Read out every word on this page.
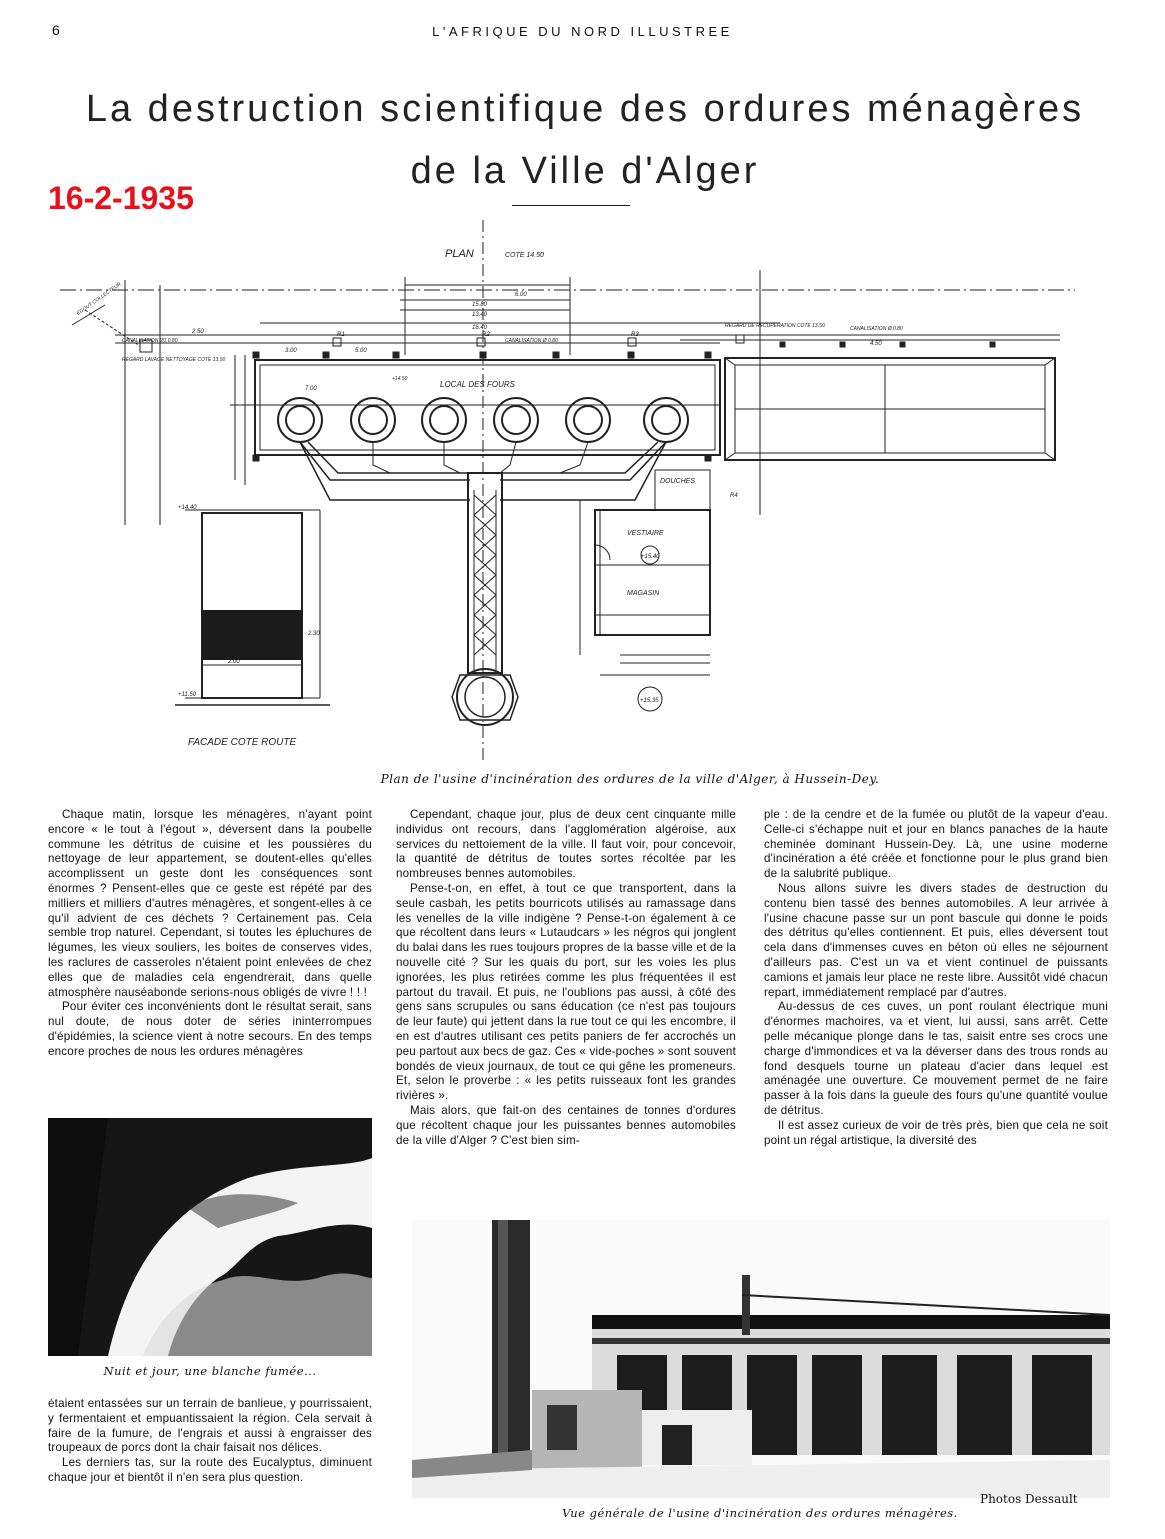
6	L'AFRIQUE DU NORD ILLUSTREE
La destruction scientifique des ordures ménagères
de la Ville d'Alger
16-2-1935
PLAN	COTE 14.50
LOCAL DES FOURS
VESTIAIRE
MAGASIN
DOUCHES
FACADE COTE ROUTE
CANALISATION Ø1 0.80	CANALISATION Ø 0.80
CANALISATION Ø 0.80
REGARD DE RECUPERATION COTE 13.50
REGARD LAVAGE NETTOYAGE COTE 13.50
EGOUT COLLECTEUR
3.00	5.00
7.00
6.00
13.40
15.80
16.40
4.50
2.50	R1	R2	R3
R4
+14.40
+11.50
+15.40
+15.35
+14.50
2.00
2.30
Plan de l'usine d'incinération des ordures de la ville d'Alger, à Hussein-Dey.

Chaque matin, lorsque les ménagères, n'ayant point encore « le tout à l'égout », déversent dans la poubelle commune les détritus de cuisine et les poussières du nettoyage de leur appartement, se doutent-elles qu'elles accomplissent un geste dont les conséquences sont énormes ? Pensent-elles que ce geste est répété par des milliers et milliers d'autres ménagères, et songent-elles à ce qu'il advient de ces déchets ? Certainement pas. Cela semble trop naturel. Cependant, si toutes les épluchures de légumes, les vieux souliers, les boites de conserves vides, les raclures de casseroles n'étaient point enlevées de chez elles que de maladies cela engendrerait, dans quelle atmosphère nauséabonde serions-nous obligés de vivre ! ! !

Pour éviter ces inconvénients dont le résultat serait, sans nul doute, de nous doter de séries ininterrompues d'épidémies, la science vient à notre secours. En des temps encore proches de nous les ordures ménagères

Nuit et jour, une blanche fumée...

étaient entassées sur un terrain de banlieue, y pourrissaient, y fermentaient et empuantissaient la région. Cela servait à faire de la fumure, de l'engrais et aussi à engraisser des troupeaux de porcs dont la chair faisait nos délices.

Les derniers tas, sur la route des Eucalyptus, diminuent chaque jour et bientôt il n'en sera plus question.

Cependant, chaque jour, plus de deux cent cinquante mille individus ont recours, dans l'agglomération algéroise, aux services du nettoiement de la ville. Il faut voir, pour concevoir, la quantité de détritus de toutes sortes récoltée par les nombreuses bennes automobiles.

Pense-t-on, en effet, à tout ce que transportent, dans la seule casbah, les petits bourricots utilisés au ramassage dans les venelles de la ville indigène ? Pense-t-on également à ce que récoltent dans leurs « Lutaudcars » les négros qui jonglent du balai dans les rues toujours propres de la basse ville et de la nouvelle cité ? Sur les quais du port, sur les voies les plus ignorées, les plus retirées comme les plus fréquentées il est partout du travail. Et puis, ne l'oublions pas aussi, à côté des gens sans scrupules ou sans éducation (ce n'est pas toujours de leur faute) qui jettent dans la rue tout ce qui les encombre, il en est d'autres utilisant ces petits paniers de fer accrochés un peu partout aux becs de gaz. Ces « vide-poches » sont souvent bondés de vieux journaux, de tout ce qui gêne les promeneurs. Et, selon le proverbe : « les petits ruisseaux font les grandes rivières ».

Mais alors, que fait-on des centaines de tonnes d'ordures que récoltent chaque jour les puissantes bennes automobiles de la ville d'Alger ? C'est bien sim-

ple : de la cendre et de la fumée ou plutôt de la vapeur d'eau. Celle-ci s'échappe nuit et jour en blancs panaches de la haute cheminée dominant Hussein-Dey. Là, une usine moderne d'incinération a été créée et fonctionne pour le plus grand bien de la salubrité publique.

Nous allons suivre les divers stades de destruction du contenu bien tassé des bennes automobiles. A leur arrivée à l'usine chacune passe sur un pont bascule qui donne le poids des détritus qu'elles contiennent. Et puis, elles déversent tout cela dans d'immenses cuves en béton où elles ne séjournent d'ailleurs pas. C'est un va et vient continuel de puissants camions et jamais leur place ne reste libre. Aussitôt vidé chacun repart, immédiatement remplacé par d'autres.

Au-dessus de ces cuves, un pont roulant électrique muni d'énormes machoires, va et vient, lui aussi, sans arrêt. Cette pelle mécanique plonge dans le tas, saisit entre ses crocs une charge d'immondices et va la déverser dans des trous ronds au fond desquels tourne un plateau d'acier dans lequel est aménagée une ouverture. Ce mouvement permet de ne faire passer à la fois dans la gueule des fours qu'une quantité voulue de détritus.

Il est assez curieux de voir de très près, bien que cela ne soit point un régal artistique, la diversité des

Photos Dessault
Vue générale de l'usine d'incinération des ordures ménagères.
